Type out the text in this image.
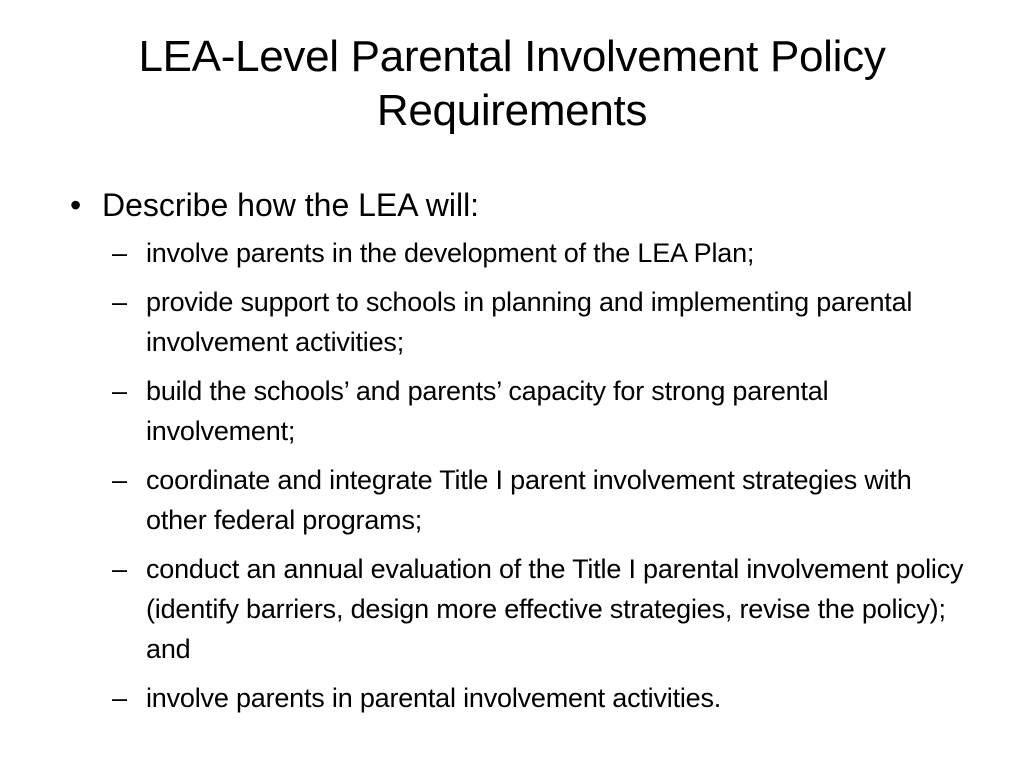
LEA-Level Parental Involvement Policy Requirements
• Describe how the LEA will:
– involve parents in the development of the LEA Plan;
– provide support to schools in planning and implementing parental involvement activities;
– build the schools’ and parents’ capacity for strong parental involvement;
– coordinate and integrate Title I parent involvement strategies with other federal programs;
– conduct an annual evaluation of the Title I parental involvement policy (identify barriers, design more effective strategies, revise the policy); and
– involve parents in parental involvement activities.
